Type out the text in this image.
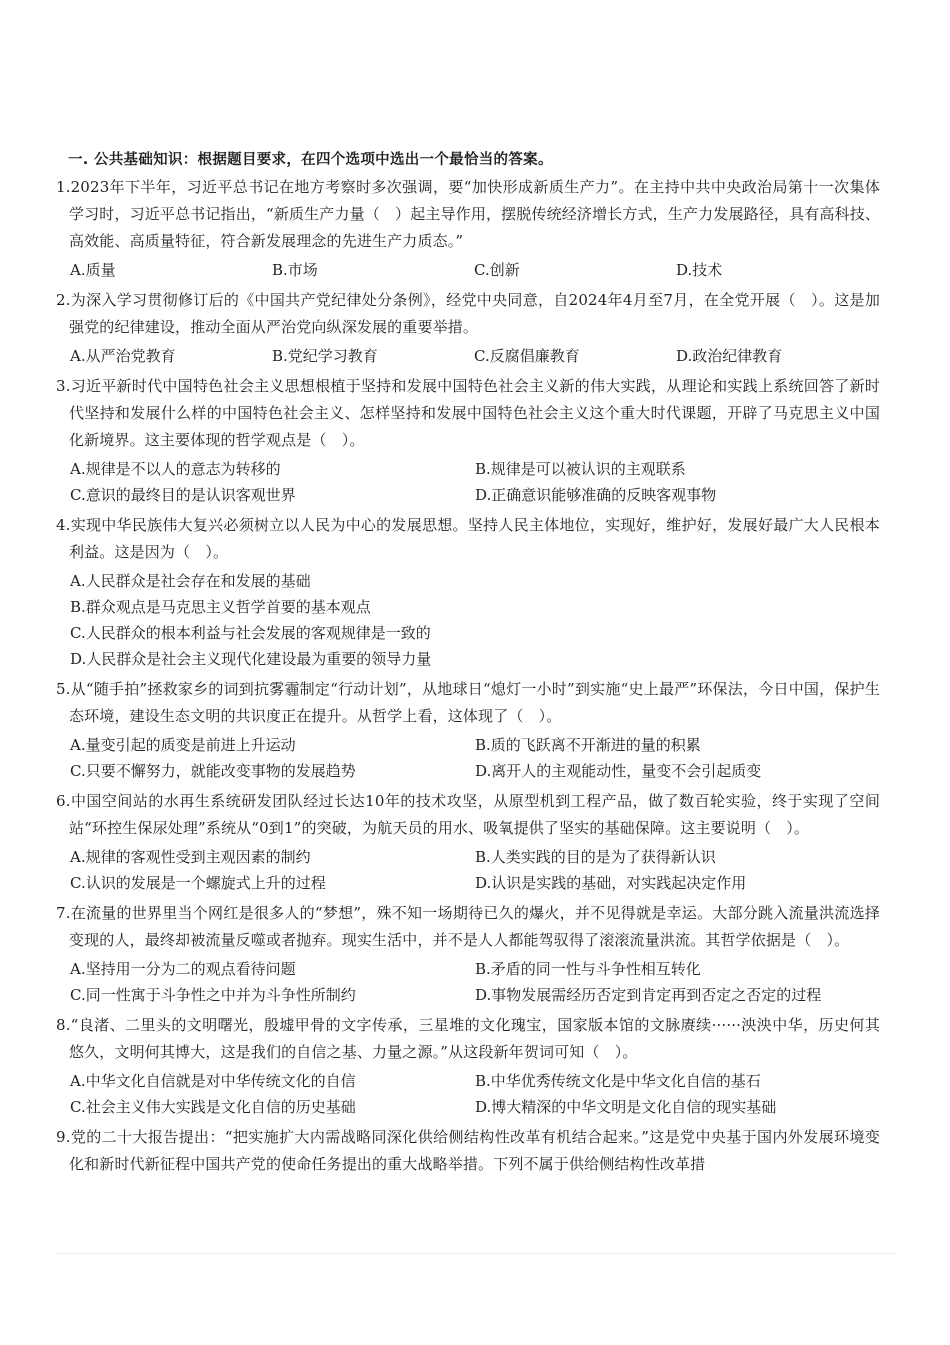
一. 公共基础知识：根据题目要求，在四个选项中选出一个最恰当的答案。

1.2023年下半年，习近平总书记在地方考察时多次强调，要“加快形成新质生产力”。在主持中共中央政治局第十一次集体学习时，习近平总书记指出，“新质生产力量（　）起主导作用，摆脱传统经济增长方式，生产力发展路径，具有高科技、高效能、高质量特征，符合新发展理念的先进生产力质态。”

A.质量	B.市场	C.创新	D.技术

2.为深入学习贯彻修订后的《中国共产党纪律处分条例》，经党中央同意，自2024年4月至7月，在全党开展（　）。这是加强党的纪律建设，推动全面从严治党向纵深发展的重要举措。

A.从严治党教育	B.党纪学习教育	C.反腐倡廉教育	D.政治纪律教育

3.习近平新时代中国特色社会主义思想根植于坚持和发展中国特色社会主义新的伟大实践，从理论和实践上系统回答了新时代坚持和发展什么样的中国特色社会主义、怎样坚持和发展中国特色社会主义这个重大时代课题，开辟了马克思主义中国化新境界。这主要体现的哲学观点是（　）。

A.规律是不以人的意志为转移的	B.规律是可以被认识的主观联系
C.意识的最终目的是认识客观世界	D.正确意识能够准确的反映客观事物

4.实现中华民族伟大复兴必须树立以人民为中心的发展思想。坚持人民主体地位，实现好，维护好，发展好最广大人民根本利益。这是因为（　）。

A.人民群众是社会存在和发展的基础
B.群众观点是马克思主义哲学首要的基本观点
C.人民群众的根本利益与社会发展的客观规律是一致的
D.人民群众是社会主义现代化建设最为重要的领导力量

5.从“随手拍”拯救家乡的词到抗雾霾制定“行动计划”，从地球日“熄灯一小时”到实施“史上最严”环保法，今日中国，保护生态环境，建设生态文明的共识度正在提升。从哲学上看，这体现了（　）。

A.量变引起的质变是前进上升运动	B.质的飞跃离不开渐进的量的积累
C.只要不懈努力，就能改变事物的发展趋势	D.离开人的主观能动性，量变不会引起质变

6.中国空间站的水再生系统研发团队经过长达10年的技术攻坚，从原型机到工程产品，做了数百轮实验，终于实现了空间站“环控生保尿处理”系统从“0到1”的突破，为航天员的用水、吸氧提供了坚实的基础保障。这主要说明（　）。

A.规律的客观性受到主观因素的制约	B.人类实践的目的是为了获得新认识
C.认识的发展是一个螺旋式上升的过程	D.认识是实践的基础，对实践起决定作用

7.在流量的世界里当个网红是很多人的“梦想”，殊不知一场期待已久的爆火，并不见得就是幸运。大部分跳入流量洪流选择变现的人，最终却被流量反噬或者抛弃。现实生活中，并不是人人都能驾驭得了滚滚流量洪流。其哲学依据是（　）。

A.坚持用一分为二的观点看待问题	B.矛盾的同一性与斗争性相互转化
C.同一性寓于斗争性之中并为斗争性所制约	D.事物发展需经历否定到肯定再到否定之否定的过程

8.“良渚、二里头的文明曙光，殷墟甲骨的文字传承，三星堆的文化瑰宝，国家版本馆的文脉赓续······泱泱中华，历史何其悠久，文明何其博大，这是我们的自信之基、力量之源。”从这段新年贺词可知（　）。

A.中华文化自信就是对中华传统文化的自信	B.中华优秀传统文化是中华文化自信的基石
C.社会主义伟大实践是文化自信的历史基础	D.博大精深的中华文明是文化自信的现实基础

9.党的二十大报告提出：“把实施扩大内需战略同深化供给侧结构性改革有机结合起来。”这是党中央基于国内外发展环境变化和新时代新征程中国共产党的使命任务提出的重大战略举措。下列不属于供给侧结构性改革措
